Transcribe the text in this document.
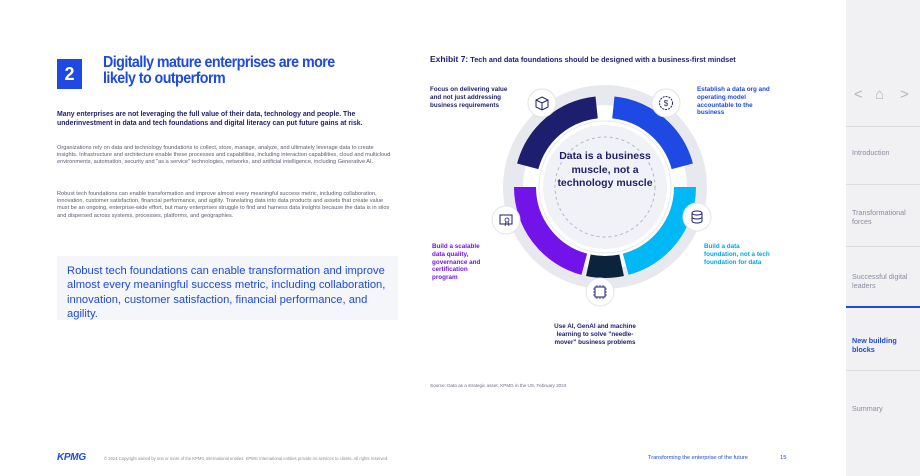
2
Digitally mature enterprises are more likely to outperform
Many enterprises are not leveraging the full value of their data, technology and people. The underinvestment in data and tech foundations and digital literacy can put future gains at risk.
Organizations rely on data and technology foundations to collect, store, manage, analyze, and ultimately leverage data to create insights. Infrastructure and architecture enable these processes and capabilities, including interaction capabilities, cloud and multicloud environments, automation, security and "as a service" technologies, networks, and artificial intelligence, including Generative AI.
Robust tech foundations can enable transformation and improve almost every meaningful success metric, including collaboration, innovation, customer satisfaction, financial performance, and agility. Translating data into data products and assets that create value must be an ongoing, enterprise-wide effort, but many enterprises struggle to find and harness data insights because the data is in silos and dispersed across systems, processes, platforms, and geographies.

Robust tech foundations can enable transformation and improve almost every meaningful success metric, including collaboration, innovation, customer satisfaction, financial performance, and agility.

Exhibit 7: Tech and data foundations should be designed with a business-first mindset
$
Data is a business muscle, not a technology muscle
Focus on delivering value and not just addressing business requirements
Establish a data org and operating model accountable to the business
Build a data foundation, not a tech foundation for data
Use AI, GenAI and machine learning to solve "needle-mover" business problems
Build a scalable data quality, governance and certification program
Source: Data as a strategic asset, KPMG in the US, February 2024
KPMG	© 2024 Copyright owned by one or more of the KPMG International entities. KPMG International entities provide no services to clients. All rights reserved.	Transforming the enterprise of the future	15
< ⌂ >
Introduction
Transformational forces
Successful digital leaders
New building blocks
Summary
